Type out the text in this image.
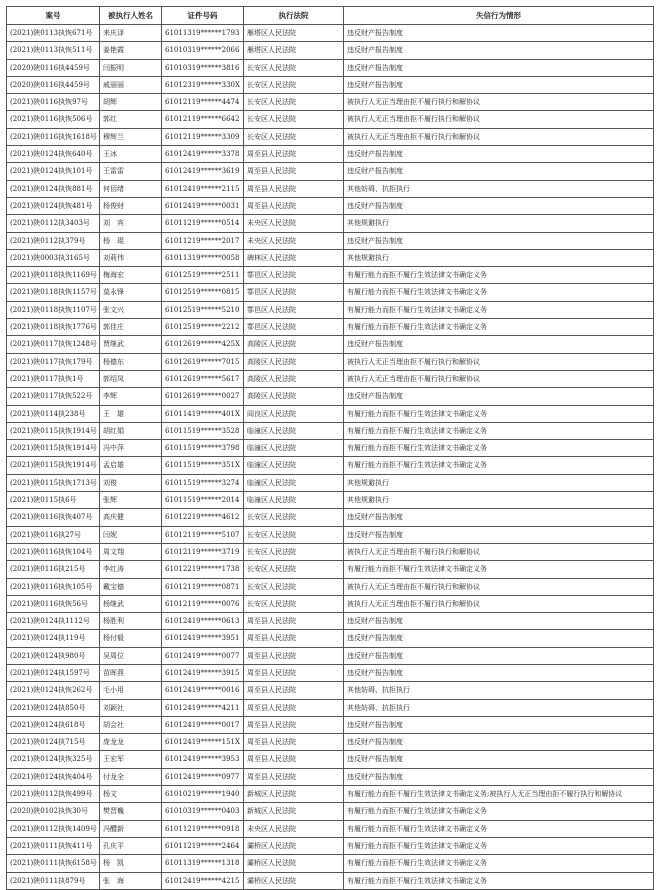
案号	被执行人姓名	证件号码	执行法院	失信行为情形
(2021)陕0113执恢671号	来庆泽	61011319******1793	雁塔区人民法院	违反财产报告制度
(2021)陕0113执恢511号	姜艳霞	61010319******2066	雁塔区人民法院	违反财产报告制度
(2020)陕0116执4459号	闫振明	61010319******3816	长安区人民法院	违反财产报告制度
(2020)陕0116执4459号	戚丽丽	61012319******330X	长安区人民法院	违反财产报告制度
(2021)陕0116执恢97号	胡辉	61012119******4474	长安区人民法院	被执行人无正当理由拒不履行执行和解协议
(2021)陕0116执恢506号	郭红	61012119******6642	长安区人民法院	被执行人无正当理由拒不履行执行和解协议
(2021)陕0116执恢1618号	穆辉兰	61012119******3309	长安区人民法院	被执行人无正当理由拒不履行执行和解协议
(2021)陕0124执恢640号	王冰	61012419******3378	周至县人民法院	违反财产报告制度
(2021)陕0124执恢101号	王雷雷	61012419******3619	周至县人民法院	违反财产报告制度
(2021)陕0124执恢881号	何佰绪	61012419******2115	周至县人民法院	其他妨碍、抗拒执行
(2021)陕0124执恢481号	杨俊财	61012419******0031	周至县人民法院	违反财产报告制度
(2021)陕0112执3403号	刘　宾	61011219******0514	未央区人民法院	其他规避执行
(2021)陕0112执379号	杨　琨	61011219******2017	未央区人民法院	违反财产报告制度
(2021)陕0003执3165号	刘莉伟	61011319******0058	碑林区人民法院	其他规避执行
(2021)陕0118执恢1169号	梅海宏	61012519******2511	鄠邑区人民法院	有履行能力而拒不履行生效法律文书确定义务
(2021)陕0118执恢1157号	莫永锋	61012519******0815	鄠邑区人民法院	有履行能力而拒不履行生效法律文书确定义务
(2021)陕0118执恢1107号	张文兴	61012519******5210	鄠邑区人民法院	有履行能力而拒不履行生效法律文书确定义务
(2021)陕0118执恢1776号	郭佳庄	61012519******2212	鄠邑区人民法院	有履行能力而拒不履行生效法律文书确定义务
(2021)陕0117执恢1248号	贾继武	61012619******425X	高陵区人民法院	违反财产报告制度
(2021)陕0117执恢179号	杨德东	61012619******7015	高陵区人民法院	被执行人无正当理由拒不履行执行和解协议
(2021)陕0117执恢1号	郭绍凤	61012619******5617	高陵区人民法院	被执行人无正当理由拒不履行执行和解协议
(2021)陕0117执恢522号	李辉	61012619******0027	高陵区人民法院	违反财产报告制度
(2021)陕0114执238号	王　雄	61011419******401X	阎良区人民法院	有履行能力而拒不履行生效法律文书确定义务
(2021)陕0115执恢1914号	胡红娟	61011519******3528	临潼区人民法院	有履行能力而拒不履行生效法律文书确定义务
(2021)陕0115执恢1914号	冯中萍	61011519******3798	临潼区人民法院	有履行能力而拒不履行生效法律文书确定义务
(2021)陕0115执恢1914号	孟启雄	61011519******351X	临潼区人民法院	有履行能力而拒不履行生效法律文书确定义务
(2021)陕0115执恢1713号	刘俊	61011519******3274	临潼区人民法院	其他规避执行
(2021)陕0115执6号	张辉	61011519******2014	临潼区人民法院	其他规避执行
(2021)陕0116执恢407号	高庆健	61012219******4612	长安区人民法院	违反财产报告制度
(2021)陕0116执27号	闫妮	61012119******5107	长安区人民法院	违反财产报告制度
(2021)陕0116执恢104号	周文翔	61012119******3719	长安区人民法院	被执行人无正当理由拒不履行执行和解协议
(2021)陕0116执215号	李红涛	61012219******1738	长安区人民法院	有履行能力而拒不履行生效法律文书确定义务
(2021)陕0116执恢105号	戴宝德	61012119******0871	长安区人民法院	被执行人无正当理由拒不履行执行和解协议
(2021)陕0116执恢56号	杨继武	61012119******0076	长安区人民法院	被执行人无正当理由拒不履行执行和解协议
(2021)陕0124执1112号	杨胜利	61012419******0613	周至县人民法院	违反财产报告制度
(2021)陕0124执119号	杨付毅	61012419******3951	周至县人民法院	违反财产报告制度
(2021)陕0124执980号	吴周位	61012419******0077	周至县人民法院	违反财产报告制度
(2021)陕0124执1597号	苗晖燕	61012419******3915	周至县人民法院	违反财产报告制度
(2021)陕0124执恢262号	毛小用	61012419******0016	周至县人民法院	其他妨碍、抗拒执行
(2021)陕0124执850号	刘颖社	61012419******4211	周至县人民法院	其他妨碍、抗拒执行
(2021)陕0124执618号	胡会社	61012419******0017	周至县人民法院	违反财产报告制度
(2021)陕0124执715号	庞龙龙	61012419******151X	周至县人民法院	违反财产报告制度
(2021)陕0124执恢325号	王宏军	61012419******3953	周至县人民法院	违反财产报告制度
(2021)陕0124执恢404号	付龙全	61012419******0977	周至县人民法院	违反财产报告制度
(2021)陕0112执恢499号	杨文	61010219******1940	新城区人民法院	有履行能力而拒不履行生效法律文书确定义务;被执行人无正当理由拒不履行执行和解协议
(2020)陕0102执恢30号	樊晋巍	61010319******0403	新城区人民法院	有履行能力而拒不履行生效法律文书确定义务
(2021)陕0112执恢1409号	冯醴新	61011219******0918	未央区人民法院	有履行能力而拒不履行生效法律文书确定义务
(2021)陕0111执恢411号	孔庆平	61011219******2464	灞桥区人民法院	有履行能力而拒不履行生效法律文书确定义务
(2021)陕0111执恢6158号	杨　凯	61011319******1318	灞桥区人民法院	有履行能力而拒不履行生效法律文书确定义务
(2021)陕0111执879号	张　海	61012419******4215	灞桥区人民法院	有履行能力而拒不履行生效法律文书确定义务
